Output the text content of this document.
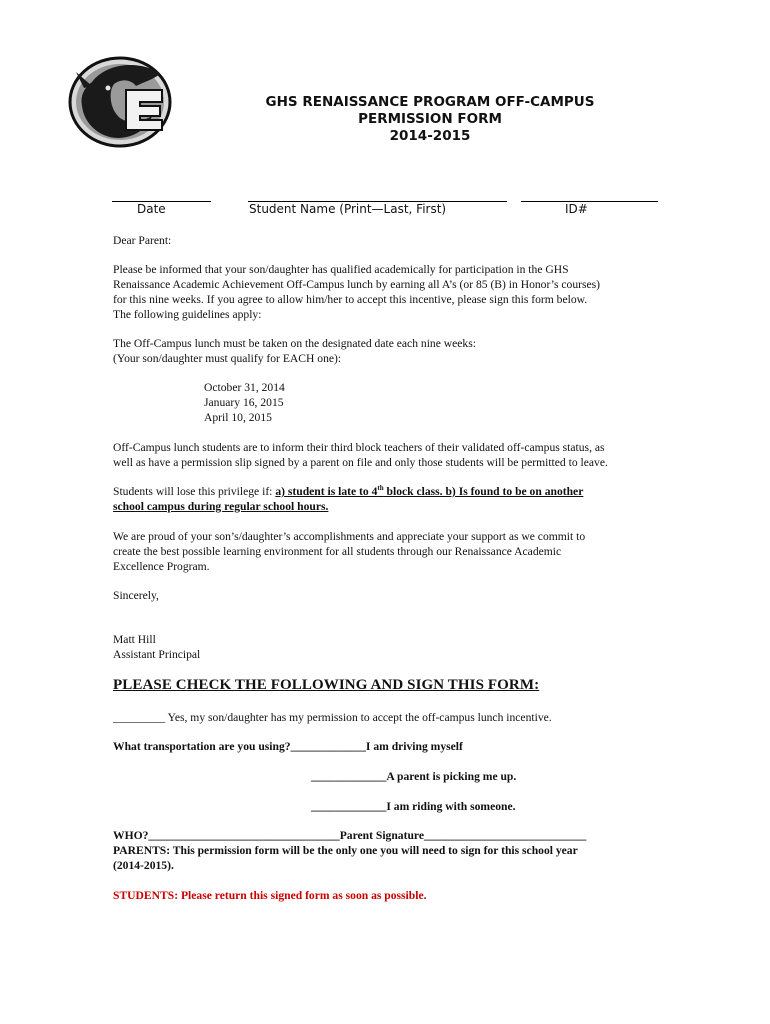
GHS RENAISSANCE PROGRAM OFF-CAMPUS
PERMISSION FORM
2014-2015
Date	Student Name (Print—Last, First)	ID#
Dear Parent:
Please be informed that your son/daughter has qualified academically for participation in the GHS
Renaissance Academic Achievement Off-Campus lunch by earning all A’s (or 85 (B) in Honor’s courses)
for this nine weeks. If you agree to allow him/her to accept this incentive, please sign this form below.
The following guidelines apply:
The Off-Campus lunch must be taken on the designated date each nine weeks:
(Your son/daughter must qualify for EACH one):
October 31, 2014
January 16, 2015
April 10, 2015
Off-Campus lunch students are to inform their third block teachers of their validated off-campus status, as
well as have a permission slip signed by a parent on file and only those students will be permitted to leave.
Students will lose this privilege if: a) student is late to 4th block class. b) Is found to be on another
school campus during regular school hours.
We are proud of your son’s/daughter’s accomplishments and appreciate your support as we commit to
create the best possible learning environment for all students through our Renaissance Academic
Excellence Program.
Sincerely,
Matt Hill
Assistant Principal
PLEASE CHECK THE FOLLOWING AND SIGN THIS FORM:
_________ Yes, my son/daughter has my permission to accept the off-campus lunch incentive.
What transportation are you using?_____________I am driving myself
_____________A parent is picking me up.
_____________I am riding with someone.
WHO?_________________________________Parent Signature____________________________
PARENTS: This permission form will be the only one you will need to sign for this school year
(2014-2015).
STUDENTS: Please return this signed form as soon as possible.
